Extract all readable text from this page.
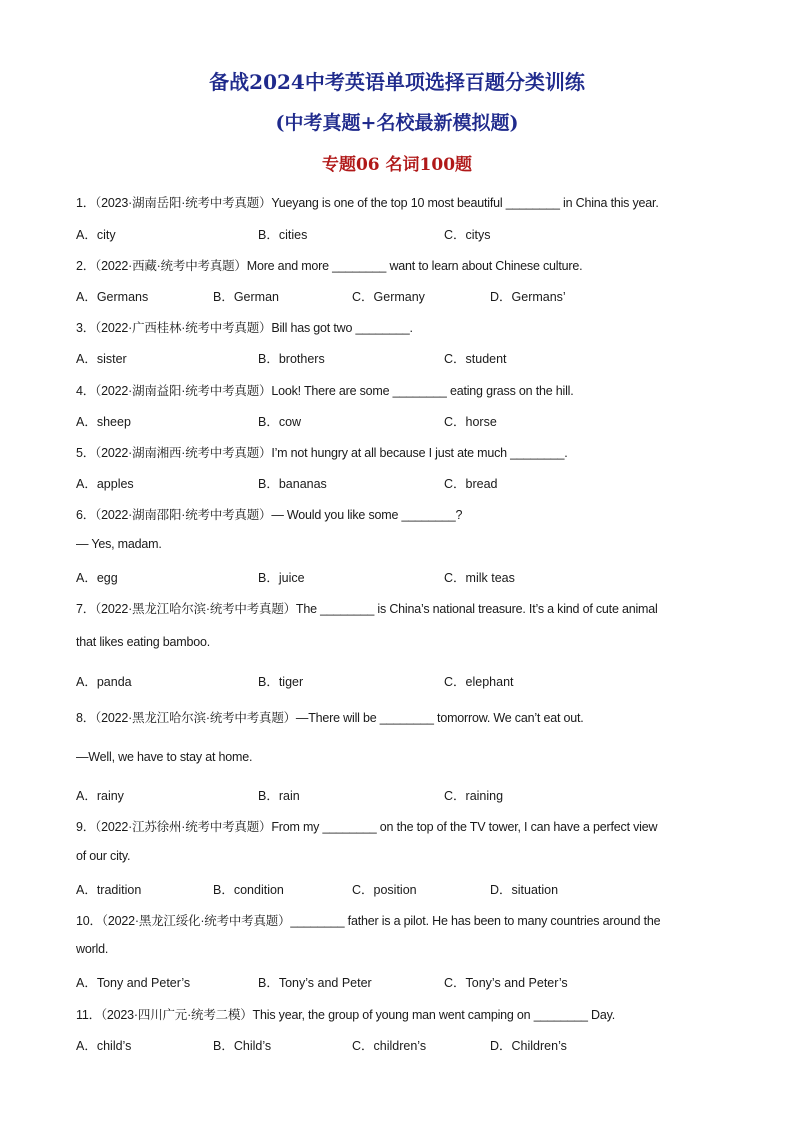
备战2024中考英语单项选择百题分类训练
(中考真题+名校最新模拟题)
专题06 名词100题
1．（2023·湖南岳阳·统考中考真题）Yueyang is one of the top 10 most beautiful ________ in China this year.
A．city	B．cities	C．citys
2．（2022·西藏·统考中考真题）More and more ________ want to learn about Chinese culture.
A．Germans	B．German	C．Germany	D．Germans’
3．（2022·广西桂林·统考中考真题）Bill has got two ________.
A．sister	B．brothers	C．student
4．（2022·湖南益阳·统考中考真题）Look! There are some ________ eating grass on the hill.
A．sheep	B．cow	C．horse
5．（2022·湖南湘西·统考中考真题）I’m not hungry at all because I just ate much ________.
A．apples	B．bananas	C．bread
6．（2022·湖南邵阳·统考中考真题）— Would you like some ________?
— Yes, madam.
A．egg	B．juice	C．milk teas
7．（2022·黑龙江哈尔滨·统考中考真题）The ________ is China’s national treasure. It’s a kind of cute animal
that likes eating bamboo.
A．panda	B．tiger	C．elephant
8．（2022·黑龙江哈尔滨·统考中考真题）—There will be ________ tomorrow. We can’t eat out.
—Well, we have to stay at home.
A．rainy	B．rain	C．raining
9．（2022·江苏徐州·统考中考真题）From my ________ on the top of the TV tower, I can have a perfect view
of our city.
A．tradition	B．condition	C．position	D．situation
10．（2022·黑龙江绥化·统考中考真题）________ father is a pilot. He has been to many countries around the
world.
A．Tony and Peter’s	B．Tony’s and Peter	C．Tony’s and Peter’s
11．（2023·四川广元·统考二模）This year, the group of young man went camping on ________ Day.
A．child’s	B．Child’s	C．children’s	D．Children’s
